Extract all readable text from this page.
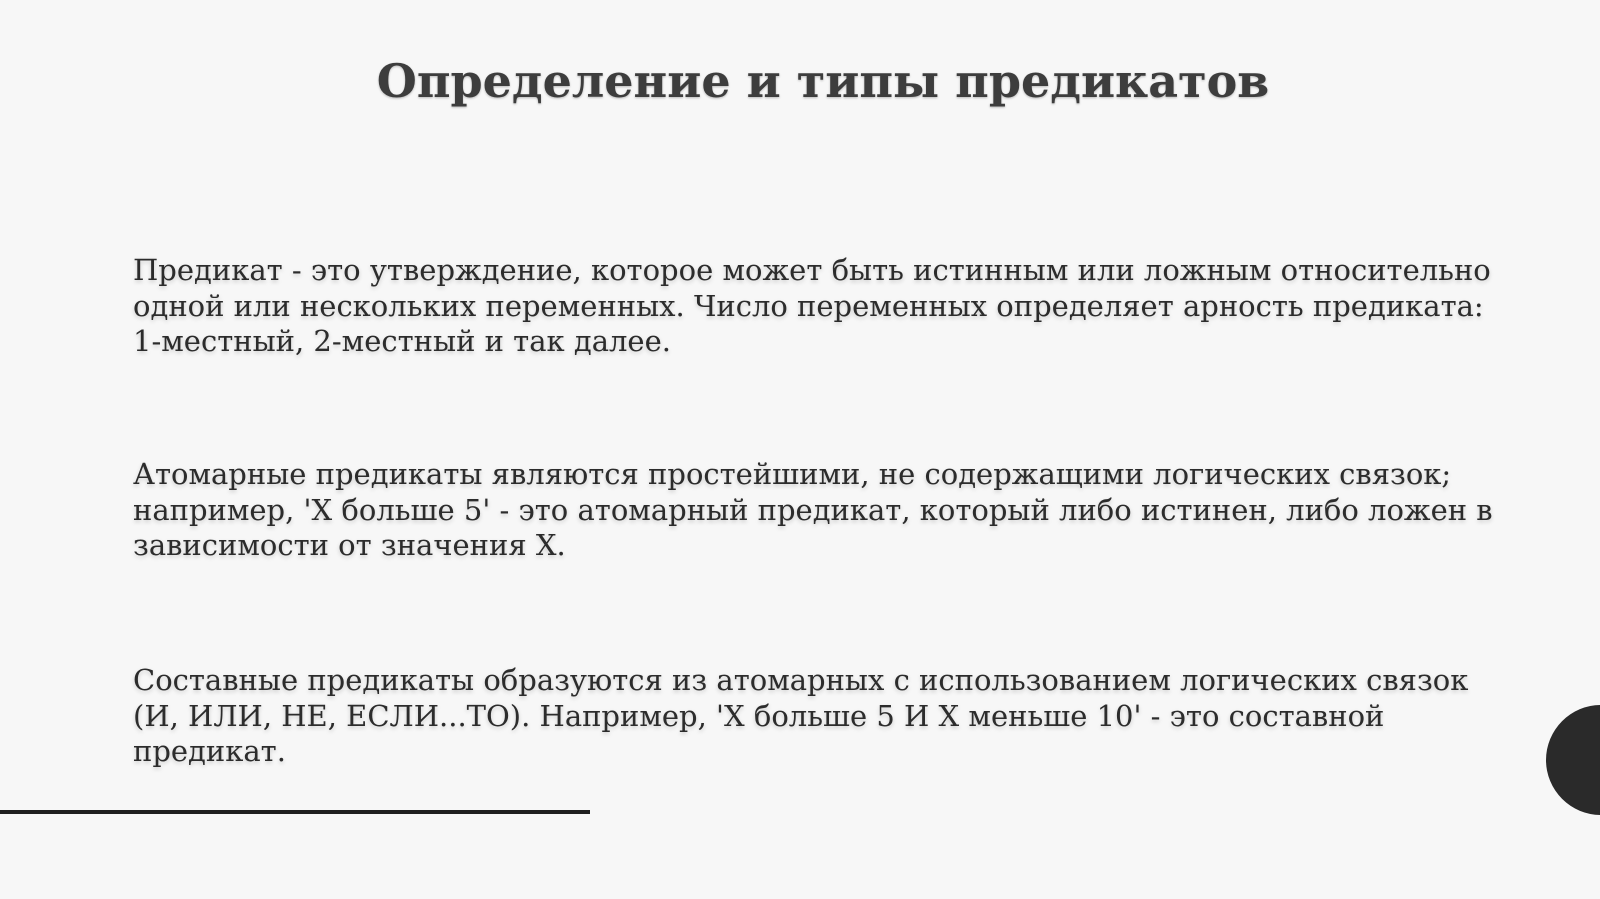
Определение и типы предикатов

Предикат - это утверждение, которое может быть истинным или ложным относительно одной или нескольких переменных. Число переменных определяет арность предиката: 1-местный, 2-местный и так далее.

Атомарные предикаты являются простейшими, не содержащими логических связок; например, 'X больше 5' - это атомарный предикат, который либо истинен, либо ложен в зависимости от значения X.

Составные предикаты образуются из атомарных с использованием логических связок (И, ИЛИ, НЕ, ЕСЛИ...ТО). Например, 'X больше 5 И X меньше 10' - это составной предикат.
